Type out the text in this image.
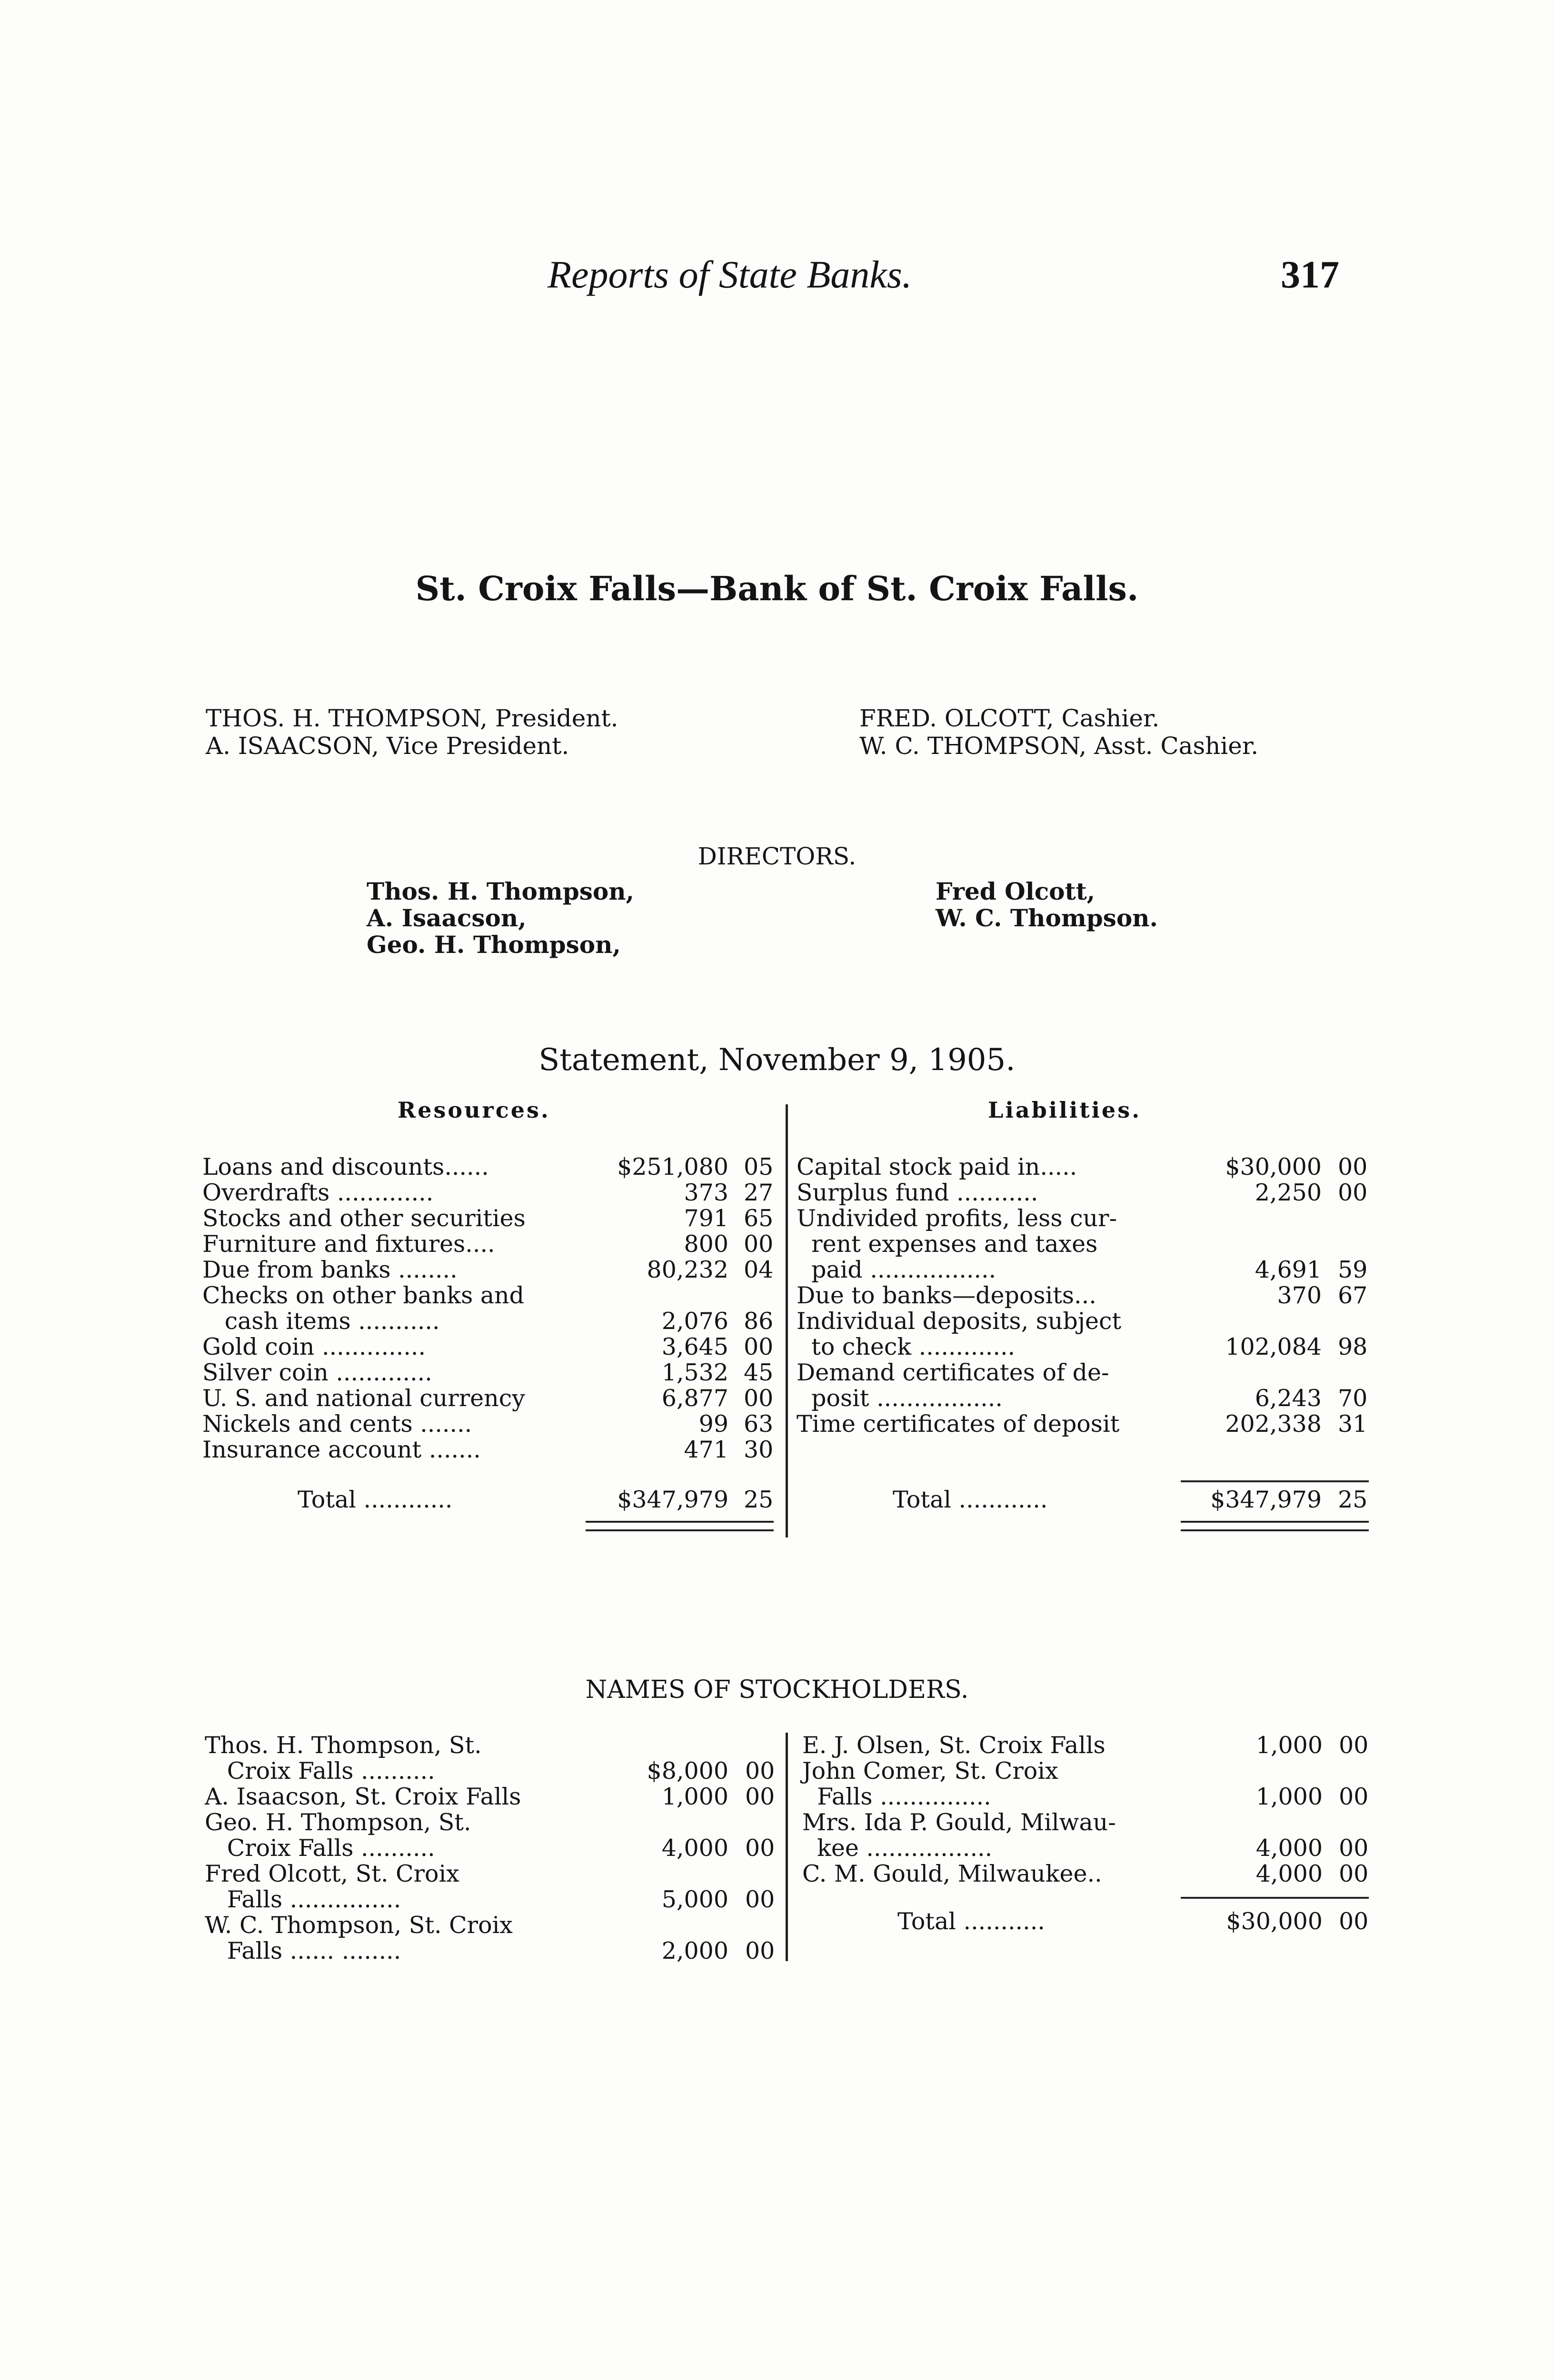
Reports of State Banks.	317
St. Croix Falls—Bank of St. Croix Falls.
THOS. H. THOMPSON, President.
A. ISAACSON, Vice President.
FRED. OLCOTT, Cashier.
W. C. THOMPSON, Asst. Cashier.
DIRECTORS.
Thos. H. Thompson,
A. Isaacson,
Geo. H. Thompson,
Fred Olcott,
W. C. Thompson.
Statement, November 9, 1905.
Resources.	Liabilities.
Loans and discounts......	$251,080 05
Overdrafts .............	373 27
Stocks and other securities	791 65
Furniture and fixtures....	800 00
Due from banks ........	80,232 04
Checks on other banks and
cash items ...........	2,076 86
Gold coin ..............	3,645 00
Silver coin .............	1,532 45
U. S. and national currency	6,877 00
Nickels and cents .......	99 63
Insurance account .......	471 30
Total ............	$347,979 25
Capital stock paid in.....	$30,000 00
Surplus fund ...........	2,250 00
Undivided profits, less cur-
rent expenses and taxes
paid .................	4,691 59
Due to banks—deposits...	370 67
Individual deposits, subject
to check .............	102,084 98
Demand certificates of de-
posit .................	6,243 70
Time certificates of deposit	202,338 31
Total ............	$347,979 25
NAMES OF STOCKHOLDERS.
Thos. H. Thompson, St.
Croix Falls ..........	$8,000 00
A. Isaacson, St. Croix Falls	1,000 00
Geo. H. Thompson, St.
Croix Falls ..........	4,000 00
Fred Olcott, St. Croix
Falls ...............	5,000 00
W. C. Thompson, St. Croix
Falls ...... ........	2,000 00
E. J. Olsen, St. Croix Falls	1,000 00
John Comer, St. Croix
Falls ...............	1,000 00
Mrs. Ida P. Gould, Milwau-
kee .................	4,000 00
C. M. Gould, Milwaukee..	4,000 00
Total ...........	$30,000 00
